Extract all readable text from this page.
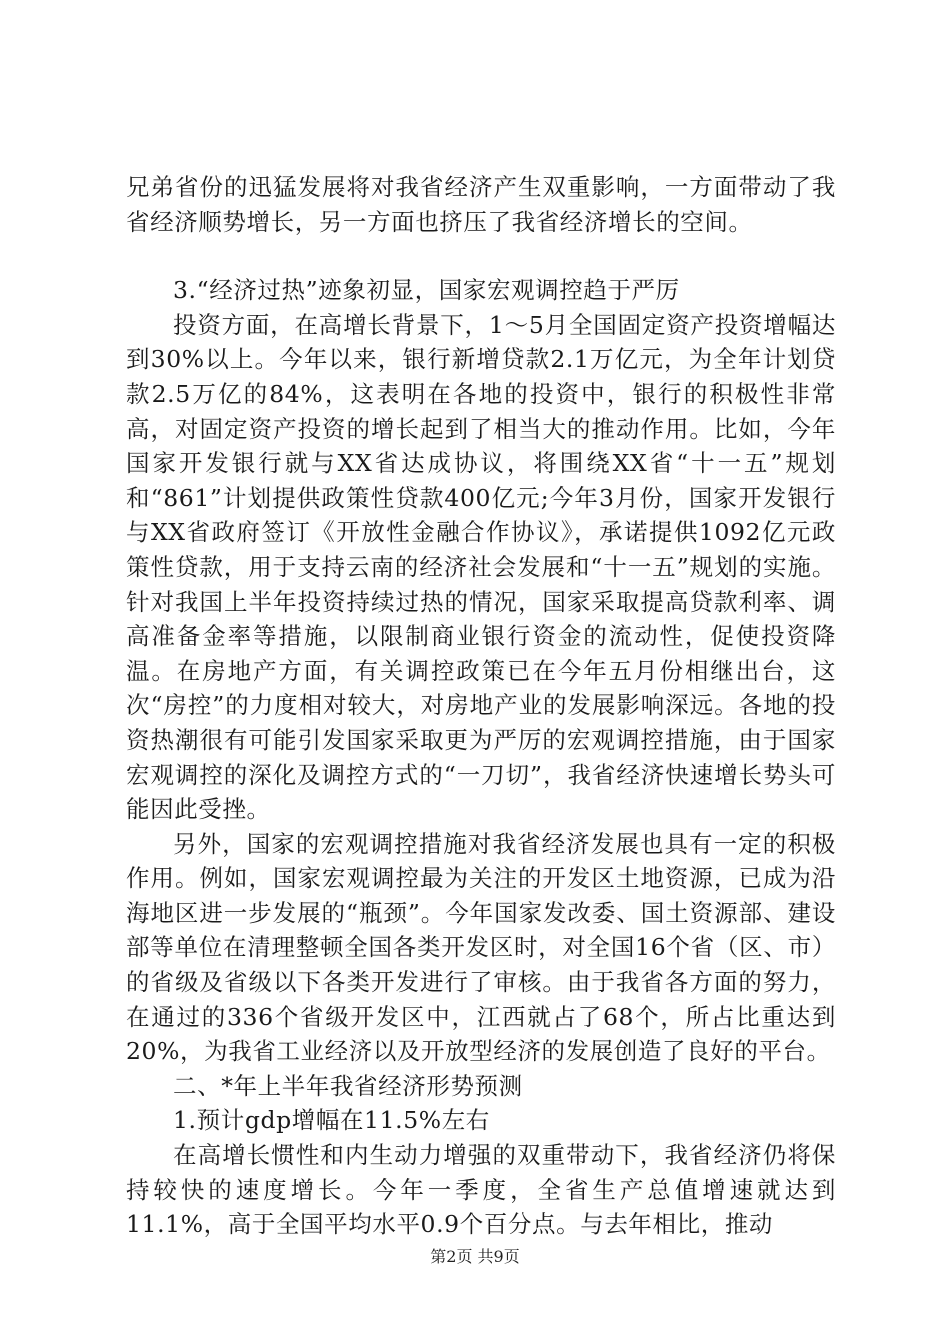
兄弟省份的迅猛发展将对我省经济产生双重影响，一方面带动了我省经济顺势增长，另一方面也挤压了我省经济增长的空间。

3.“经济过热”迹象初显，国家宏观调控趋于严厉

投资方面，在高增长背景下，1～5月全国固定资产投资增幅达到30%以上。今年以来，银行新增贷款2.1万亿元，为全年计划贷款2.5万亿的84%，这表明在各地的投资中，银行的积极性非常高，对固定资产投资的增长起到了相当大的推动作用。比如，今年国家开发银行就与XX省达成协议，将围绕XX省“十一五”规划和“861”计划提供政策性贷款400亿元;今年3月份，国家开发银行与XX省政府签订《开放性金融合作协议》，承诺提供1092亿元政策性贷款，用于支持云南的经济社会发展和“十一五”规划的实施。针对我国上半年投资持续过热的情况，国家采取提高贷款利率、调高准备金率等措施，以限制商业银行资金的流动性，促使投资降温。在房地产方面，有关调控政策已在今年五月份相继出台，这次“房控”的力度相对较大，对房地产业的发展影响深远。各地的投资热潮很有可能引发国家采取更为严厉的宏观调控措施，由于国家宏观调控的深化及调控方式的“一刀切”，我省经济快速增长势头可能因此受挫。

另外，国家的宏观调控措施对我省经济发展也具有一定的积极作用。例如，国家宏观调控最为关注的开发区土地资源，已成为沿海地区进一步发展的“瓶颈”。今年国家发改委、国土资源部、建设部等单位在清理整顿全国各类开发区时，对全国16个省（区、市）的省级及省级以下各类开发进行了审核。由于我省各方面的努力，在通过的336个省级开发区中，江西就占了68个，所占比重达到20%，为我省工业经济以及开放型经济的发展创造了良好的平台。

二、*年上半年我省经济形势预测

1.预计gdp增幅在11.5%左右

在高增长惯性和内生动力增强的双重带动下，我省经济仍将保持较快的速度增长。今年一季度，全省生产总值增速就达到11.1%，高于全国平均水平0.9个百分点。与去年相比，推动

第2页 共9页
